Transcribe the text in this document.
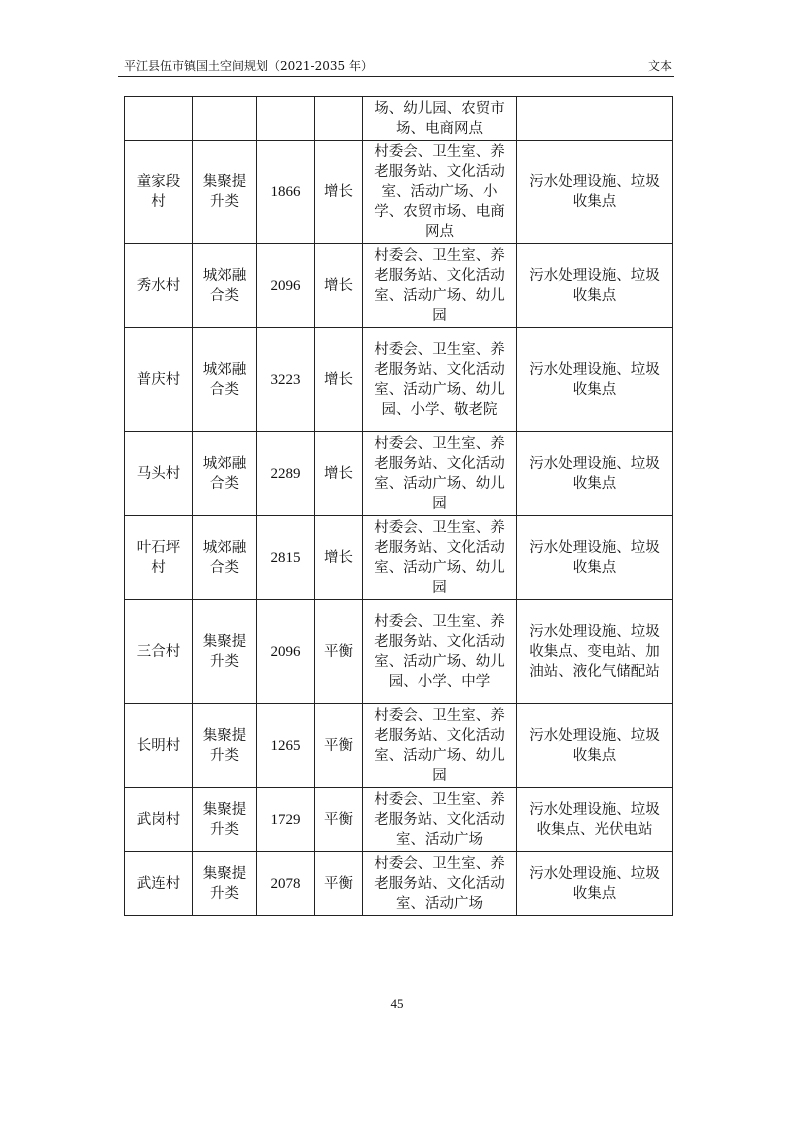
平江县伍市镇国土空间规划（2021-2035 年）	文本
				场、幼儿园、农贸市场、电商网点	
童家段村	集聚提升类	1866	增长	村委会、卫生室、养老服务站、文化活动室、活动广场、小学、农贸市场、电商网点	污水处理设施、垃圾收集点
秀水村	城郊融合类	2096	增长	村委会、卫生室、养老服务站、文化活动室、活动广场、幼儿园	污水处理设施、垃圾收集点
普庆村	城郊融合类	3223	增长	村委会、卫生室、养老服务站、文化活动室、活动广场、幼儿园、小学、敬老院	污水处理设施、垃圾收集点
马头村	城郊融合类	2289	增长	村委会、卫生室、养老服务站、文化活动室、活动广场、幼儿园	污水处理设施、垃圾收集点
叶石坪村	城郊融合类	2815	增长	村委会、卫生室、养老服务站、文化活动室、活动广场、幼儿园	污水处理设施、垃圾收集点
三合村	集聚提升类	2096	平衡	村委会、卫生室、养老服务站、文化活动室、活动广场、幼儿园、小学、中学	污水处理设施、垃圾收集点、变电站、加油站、液化气储配站
长明村	集聚提升类	1265	平衡	村委会、卫生室、养老服务站、文化活动室、活动广场、幼儿园	污水处理设施、垃圾收集点
武岗村	集聚提升类	1729	平衡	村委会、卫生室、养老服务站、文化活动室、活动广场	污水处理设施、垃圾收集点、光伏电站
武连村	集聚提升类	2078	平衡	村委会、卫生室、养老服务站、文化活动室、活动广场	污水处理设施、垃圾收集点
45
